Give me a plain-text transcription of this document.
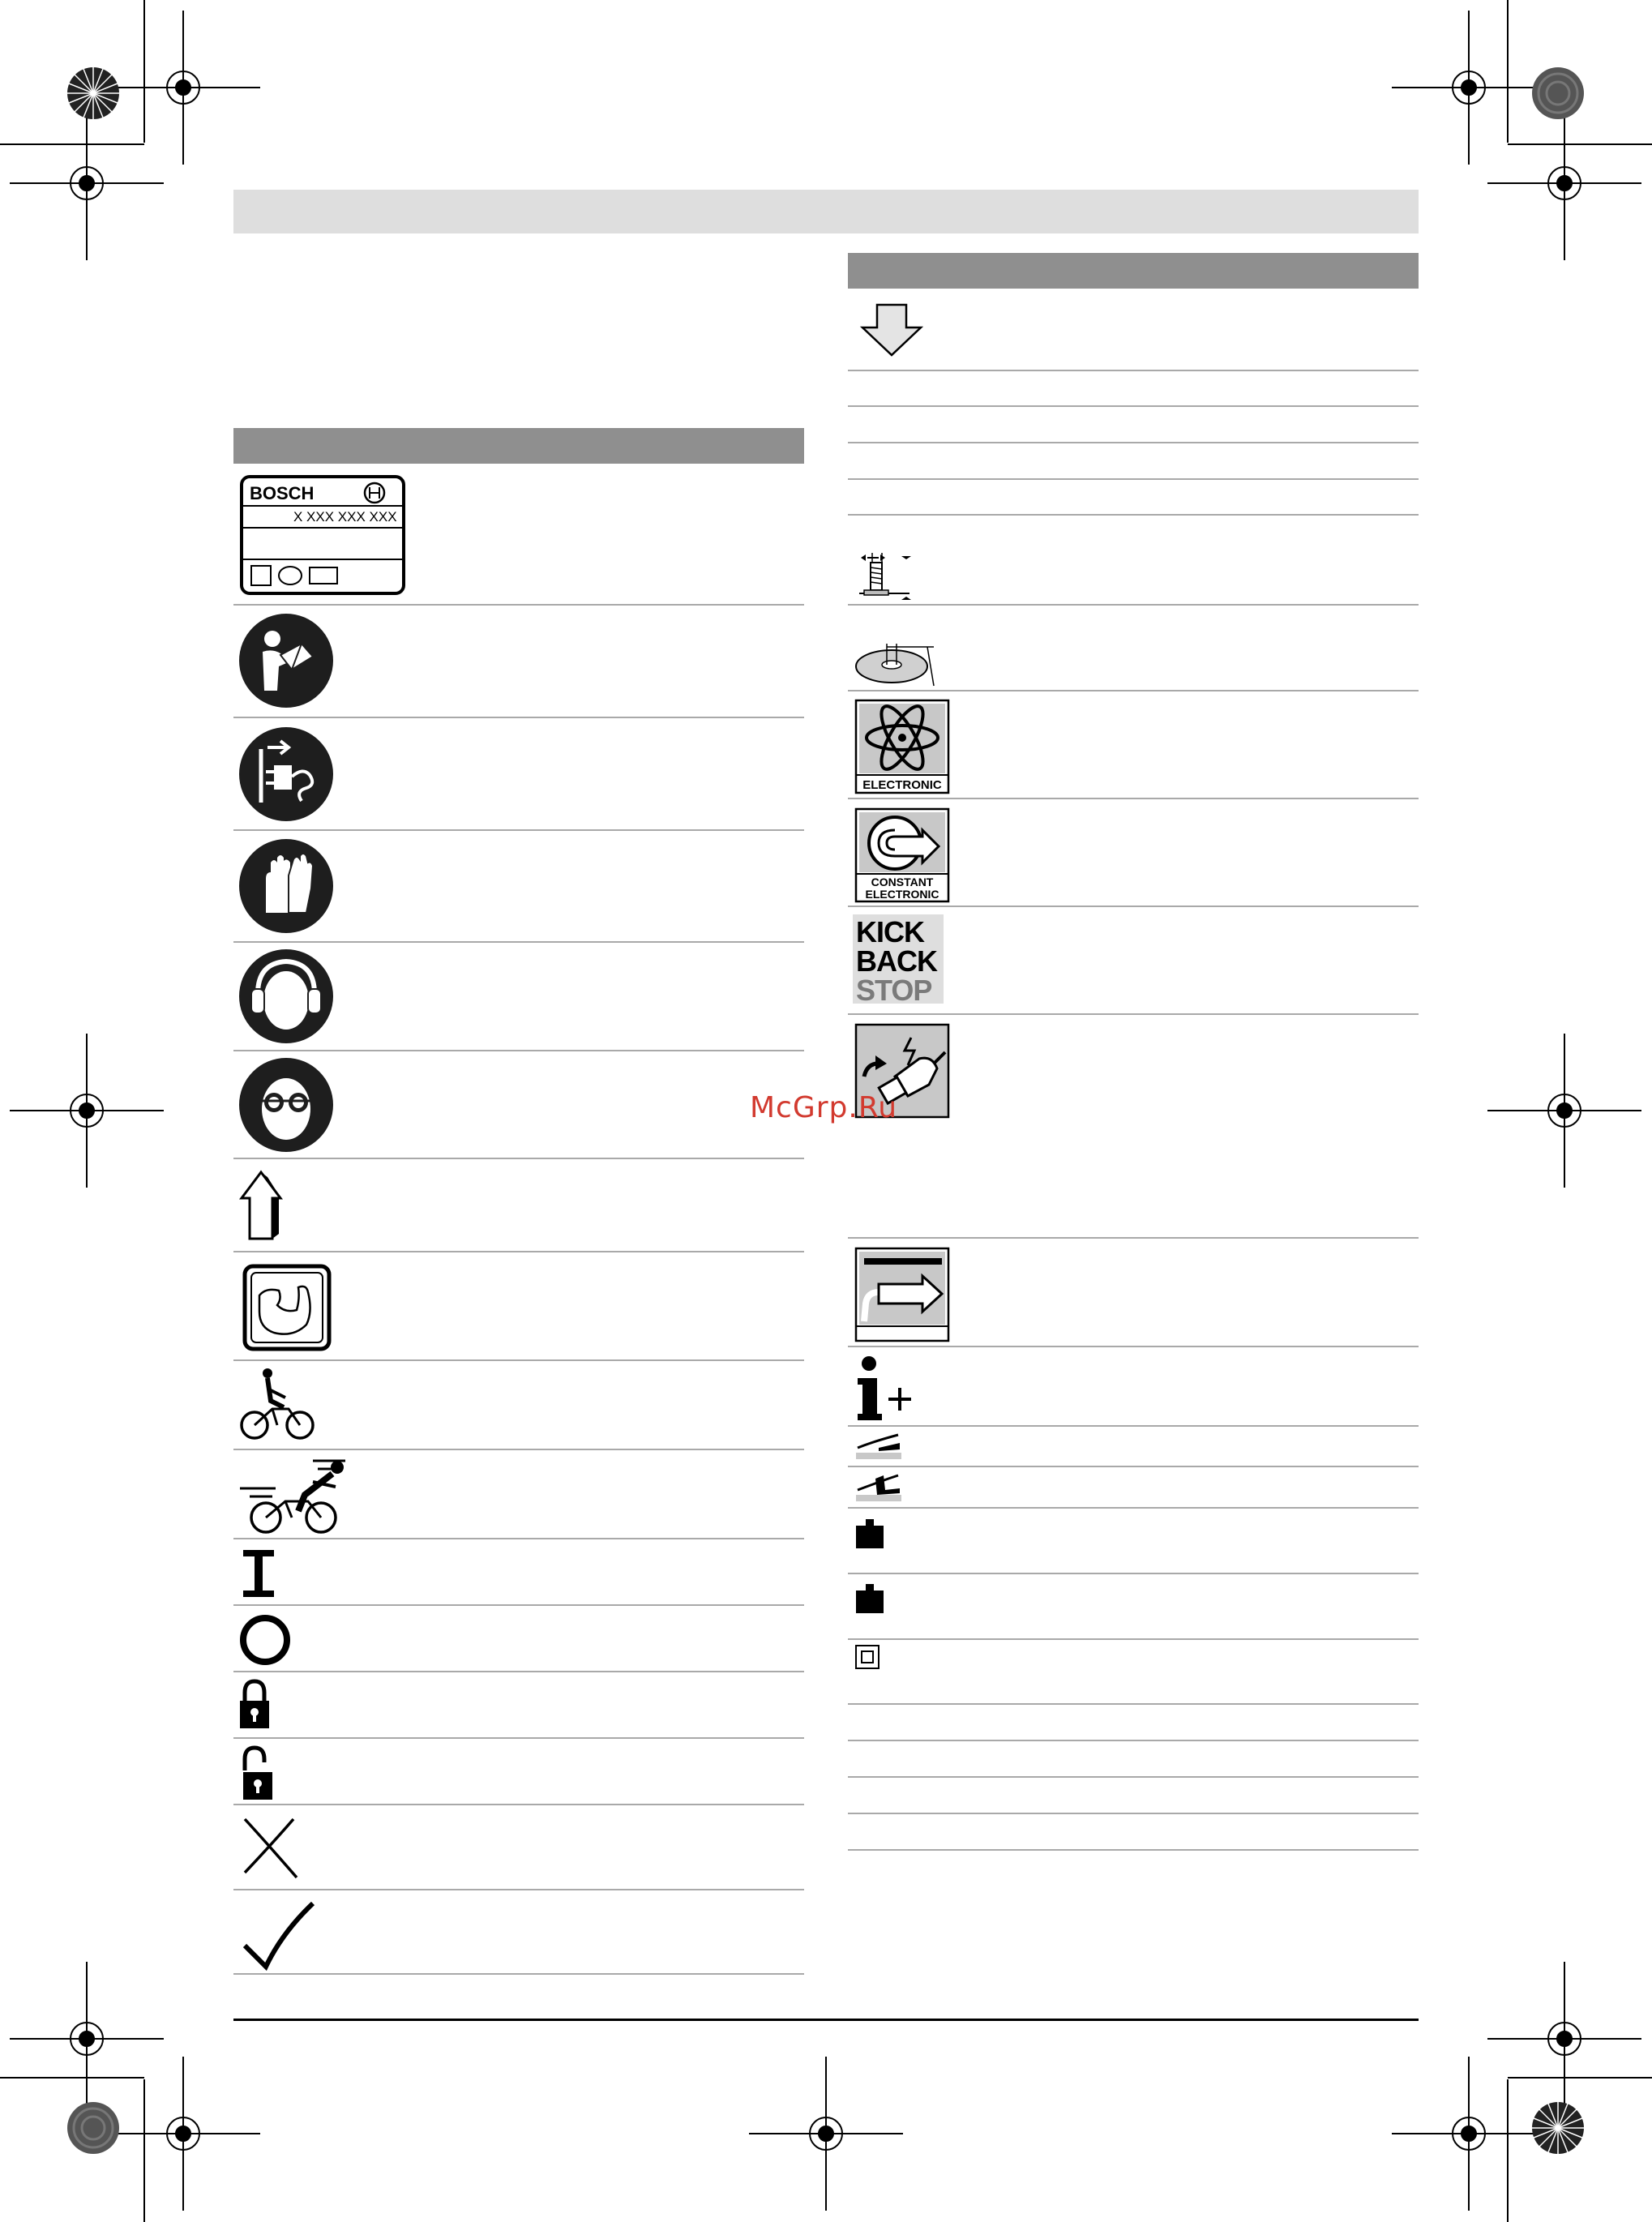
BOSCH
X XXX XXX XXX
ELECTRONIC
CONSTANT
ELECTRONIC
KICK
BACK
STOP
McGrp.Ru
